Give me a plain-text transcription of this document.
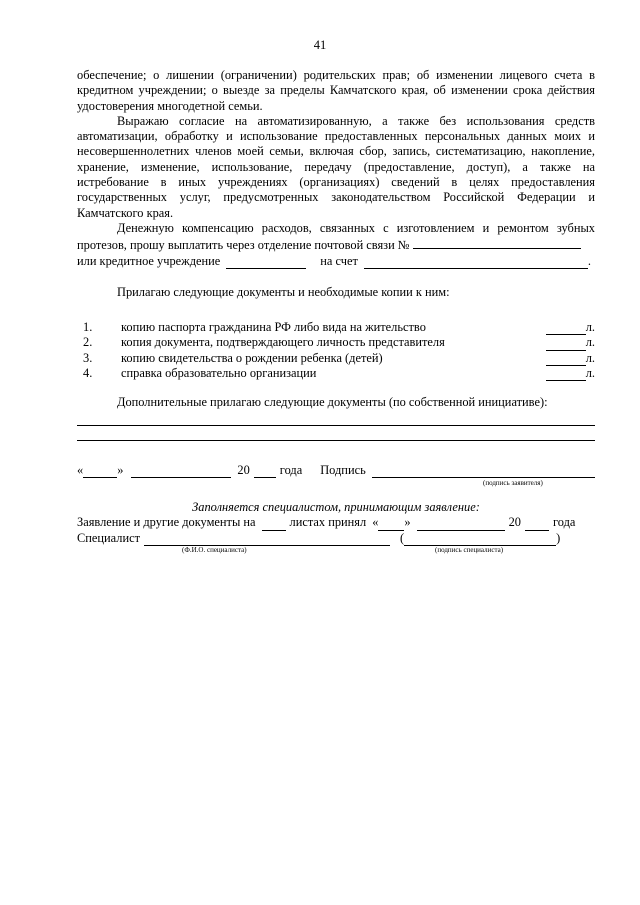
41

обеспечение; о лишении (ограничении) родительских прав; об изменении лицевого счета в кредитном учреждении; о выезде за пределы Камчатского края, об изменении срока действия удостоверения многодетной семьи.

Выражаю согласие на автоматизированную, а также без использования средств автоматизации, обработку и использование предоставленных персональных данных моих и несовершеннолетних членов моей семьи, включая сбор, запись, систематизацию, накопление, хранение, изменение, использование, передачу (предоставление, доступ), а также на истребование в иных учреждениях (организациях) сведений в целях предоставления государственных услуг, предусмотренных законодательством Российской Федерации и Камчатского края.

Денежную компенсацию расходов, связанных с изготовлением и ремонтом зубных протезов, прошу выплатить через отделение почтовой связи №

или кредитное учреждение	на счет	.

Прилагаю следующие документы и необходимые копии к ним:

1.	копию паспорта гражданина РФ либо вида на жительство	л.
2.	копия документа, подтверждающего личность представителя	л.
3.	копию свидетельства о рождении ребенка (детей)	л.
4.	справка образовательно организации	л.

Дополнительные прилагаю следующие документы (по собственной инициативе):

«	»	20 года Подпись
(подпись заявителя)
Заполняется специалистом, принимающим заявление:
Заявление и другие документы на	листах принял « »	20	года
Специалист	(	)
(Ф.И.О. специалиста)	(подпись специалиста)
